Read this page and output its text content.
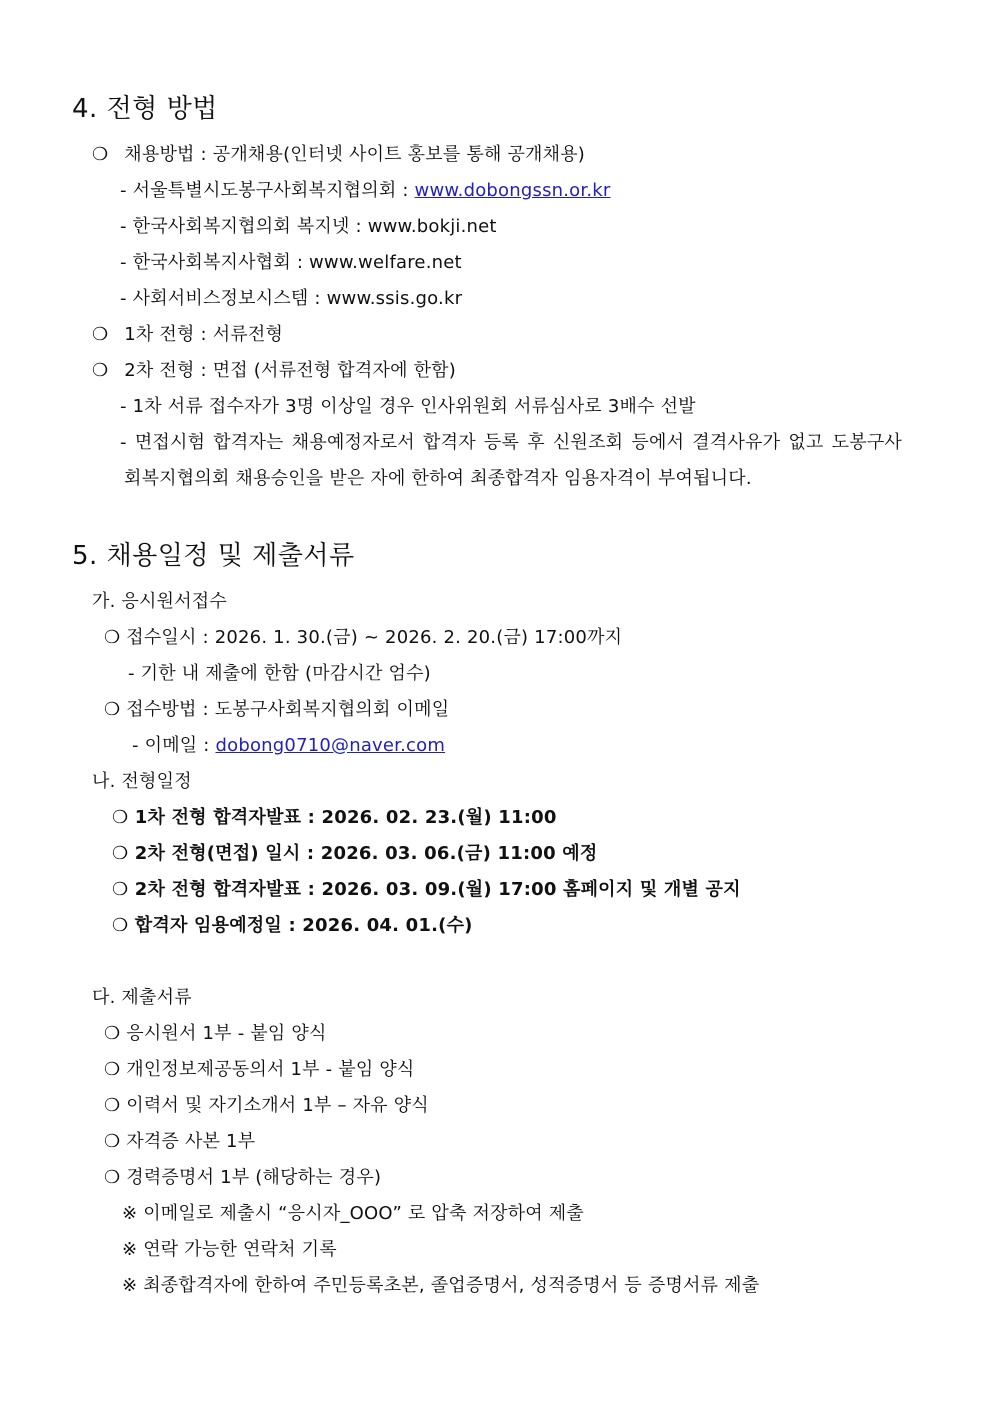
4. 전형 방법
❍ 채용방법 : 공개채용(인터넷 사이트 홍보를 통해 공개채용)
- 서울특별시도봉구사회복지협의회 : www.dobongssn.or.kr
- 한국사회복지협의회 복지넷 : www.bokji.net
- 한국사회복지사협회 : www.welfare.net
- 사회서비스정보시스템 : www.ssis.go.kr
❍ 1차 전형 : 서류전형
❍ 2차 전형 : 면접 (서류전형 합격자에 한함)
- 1차 서류 접수자가 3명 이상일 경우 인사위원회 서류심사로 3배수 선발
- 면접시험 합격자는 채용예정자로서 합격자 등록 후 신원조회 등에서 결격사유가 없고 도봉구사
회복지협의회 채용승인을 받은 자에 한하여 최종합격자 임용자격이 부여됩니다.
5. 채용일정 및 제출서류
가. 응시원서접수
❍ 접수일시 : 2026. 1. 30.(금) ~ 2026. 2. 20.(금) 17:00까지
- 기한 내 제출에 한함 (마감시간 엄수)
❍ 접수방법 : 도봉구사회복지협의회 이메일
- 이메일 : dobong0710@naver.com
나. 전형일정
❍ 1차 전형 합격자발표 : 2026. 02. 23.(월) 11:00
❍ 2차 전형(면접) 일시 : 2026. 03. 06.(금) 11:00 예정
❍ 2차 전형 합격자발표 : 2026. 03. 09.(월) 17:00 홈페이지 및 개별 공지
❍ 합격자 임용예정일 : 2026. 04. 01.(수)
다. 제출서류
❍ 응시원서 1부 - 붙임 양식
❍ 개인정보제공동의서 1부 - 붙임 양식
❍ 이력서 및 자기소개서 1부 – 자유 양식
❍ 자격증 사본 1부
❍ 경력증명서 1부 (해당하는 경우)
※ 이메일로 제출시 “응시자_OOO” 로 압축 저장하여 제출
※ 연락 가능한 연락처 기록
※ 최종합격자에 한하여 주민등록초본, 졸업증명서, 성적증명서 등 증명서류 제출
